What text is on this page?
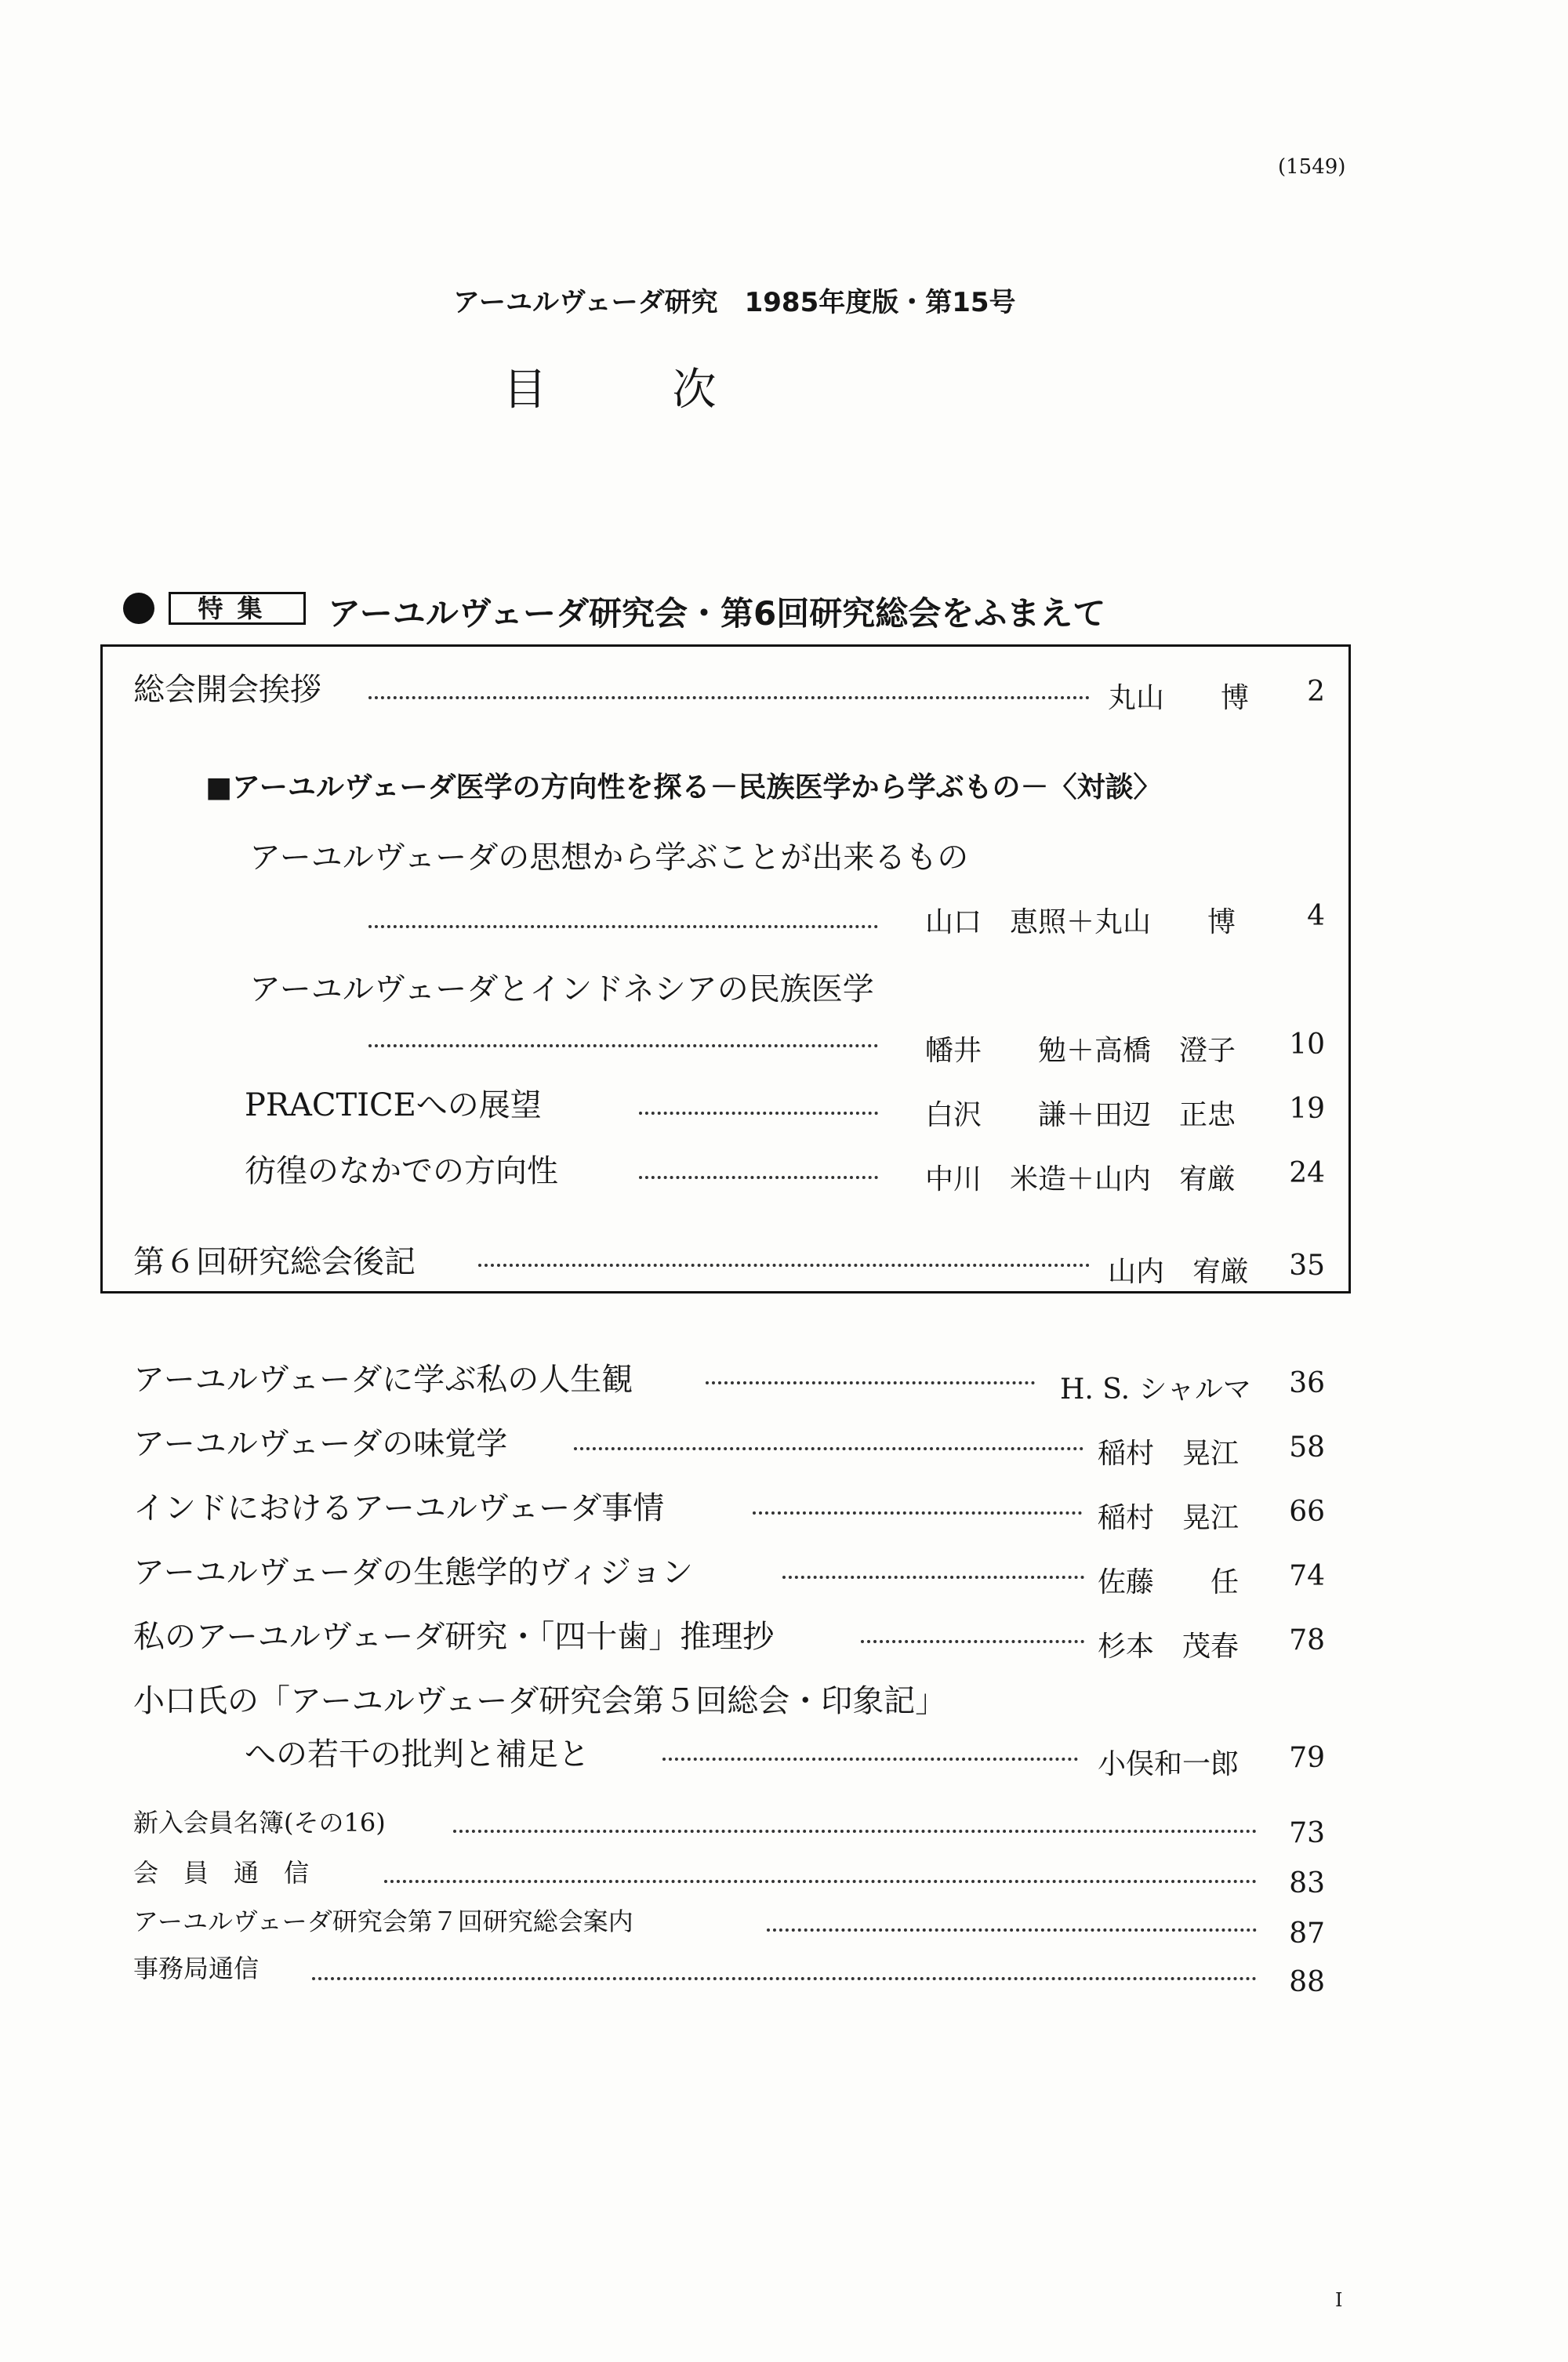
(1549)
アーユルヴェーダ研究　1985年度版・第15号
目次
特集	アーユルヴェーダ研究会・第6回研究総会をふまえて
総会開会挨拶	丸山　　博	2
■アーユルヴェーダ医学の方向性を探る－民族医学から学ぶもの－〈対談〉
アーユルヴェーダの思想から学ぶことが出来るもの
山口　恵照＋丸山　　博	4
アーユルヴェーダとインドネシアの民族医学
幡井　　勉＋高橋　澄子	10
PRACTICEへの展望	白沢　　謙＋田辺　正忠	19
彷徨のなかでの方向性	中川　米造＋山内　宥厳	24
第６回研究総会後記	山内　宥厳	35
アーユルヴェーダに学ぶ私の人生観	H. S. シャルマ	36
アーユルヴェーダの味覚学	稲村　晃江	58
インドにおけるアーユルヴェーダ事情	稲村　晃江	66
アーユルヴェーダの生態学的ヴィジョン	佐藤　　任	74
私のアーユルヴェーダ研究・「四十歯」推理抄	杉本　茂春	78
小口氏の「アーユルヴェーダ研究会第５回総会・印象記」
への若干の批判と補足と	小俣和一郎	79
新入会員名簿(その16)	73
会　員　通　信	83
アーユルヴェーダ研究会第７回研究総会案内	87
事務局通信	88
I
